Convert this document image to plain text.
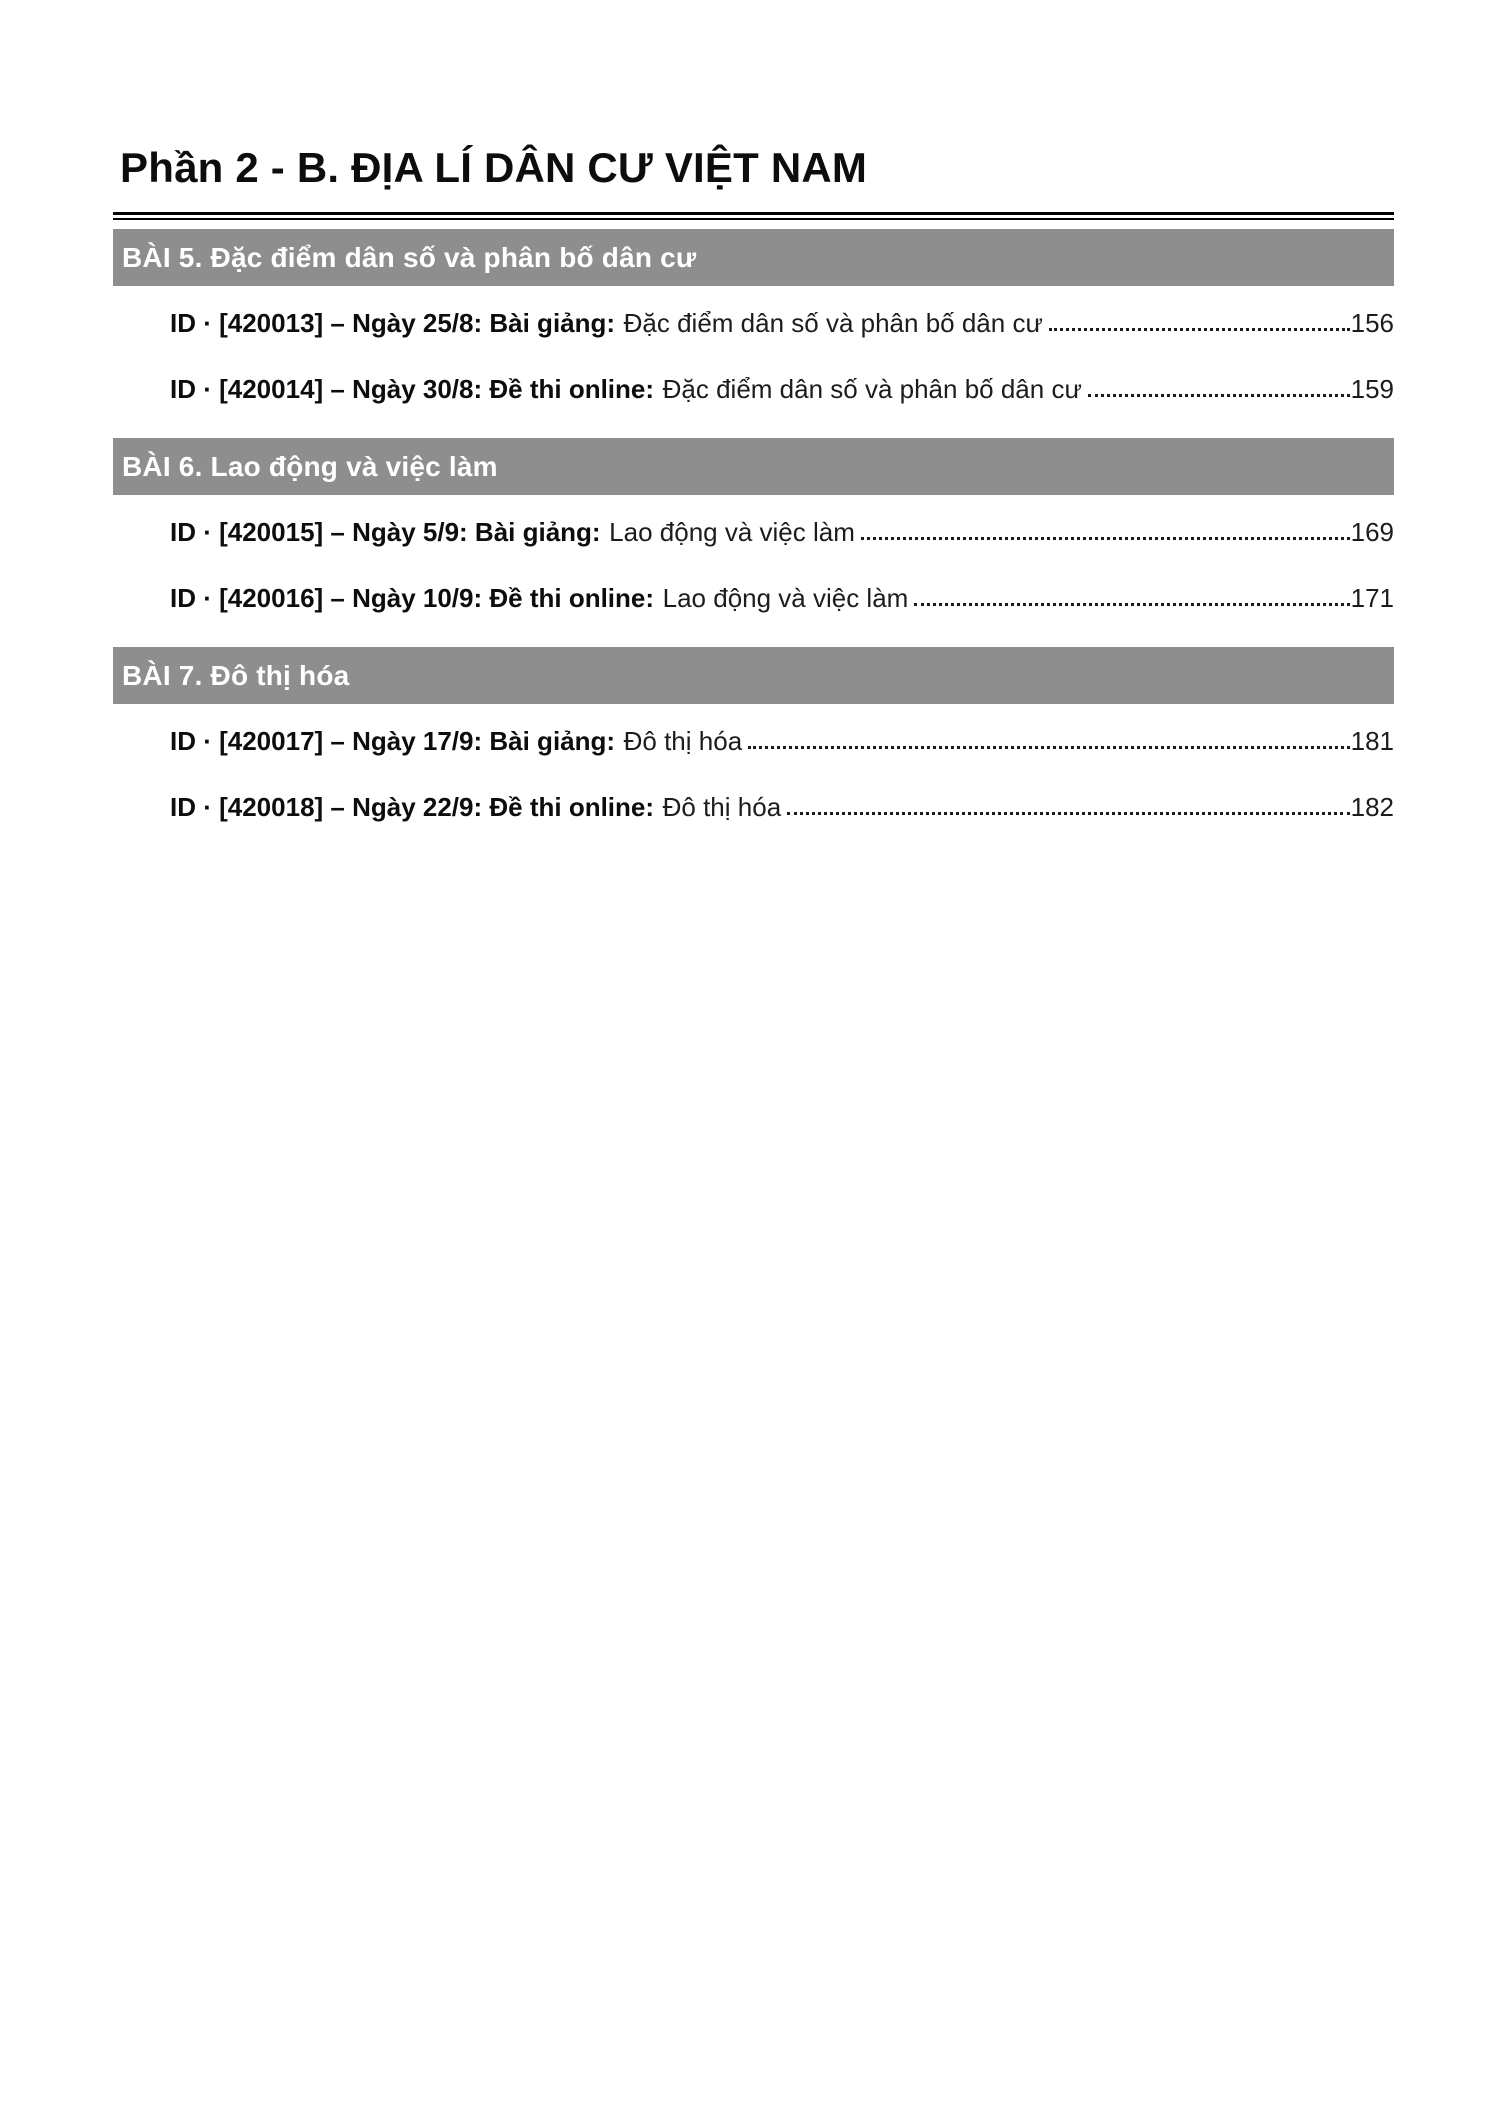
Phần 2 - B. ĐỊA LÍ DÂN CƯ VIỆT NAM
BÀI 5. Đặc điểm dân số và phân bố dân cư
ID · [420013] – Ngày 25/8: Bài giảng: Đặc điểm dân số và phân bố dân cư	156
ID · [420014] – Ngày 30/8: Đề thi online: Đặc điểm dân số và phân bố dân cư	159
BÀI 6. Lao động và việc làm
ID · [420015] – Ngày 5/9: Bài giảng: Lao động và việc làm	169
ID · [420016] – Ngày 10/9: Đề thi online: Lao động và việc làm	171
BÀI 7. Đô thị hóa
ID · [420017] – Ngày 17/9: Bài giảng: Đô thị hóa	181
ID · [420018] – Ngày 22/9: Đề thi online: Đô thị hóa	182
